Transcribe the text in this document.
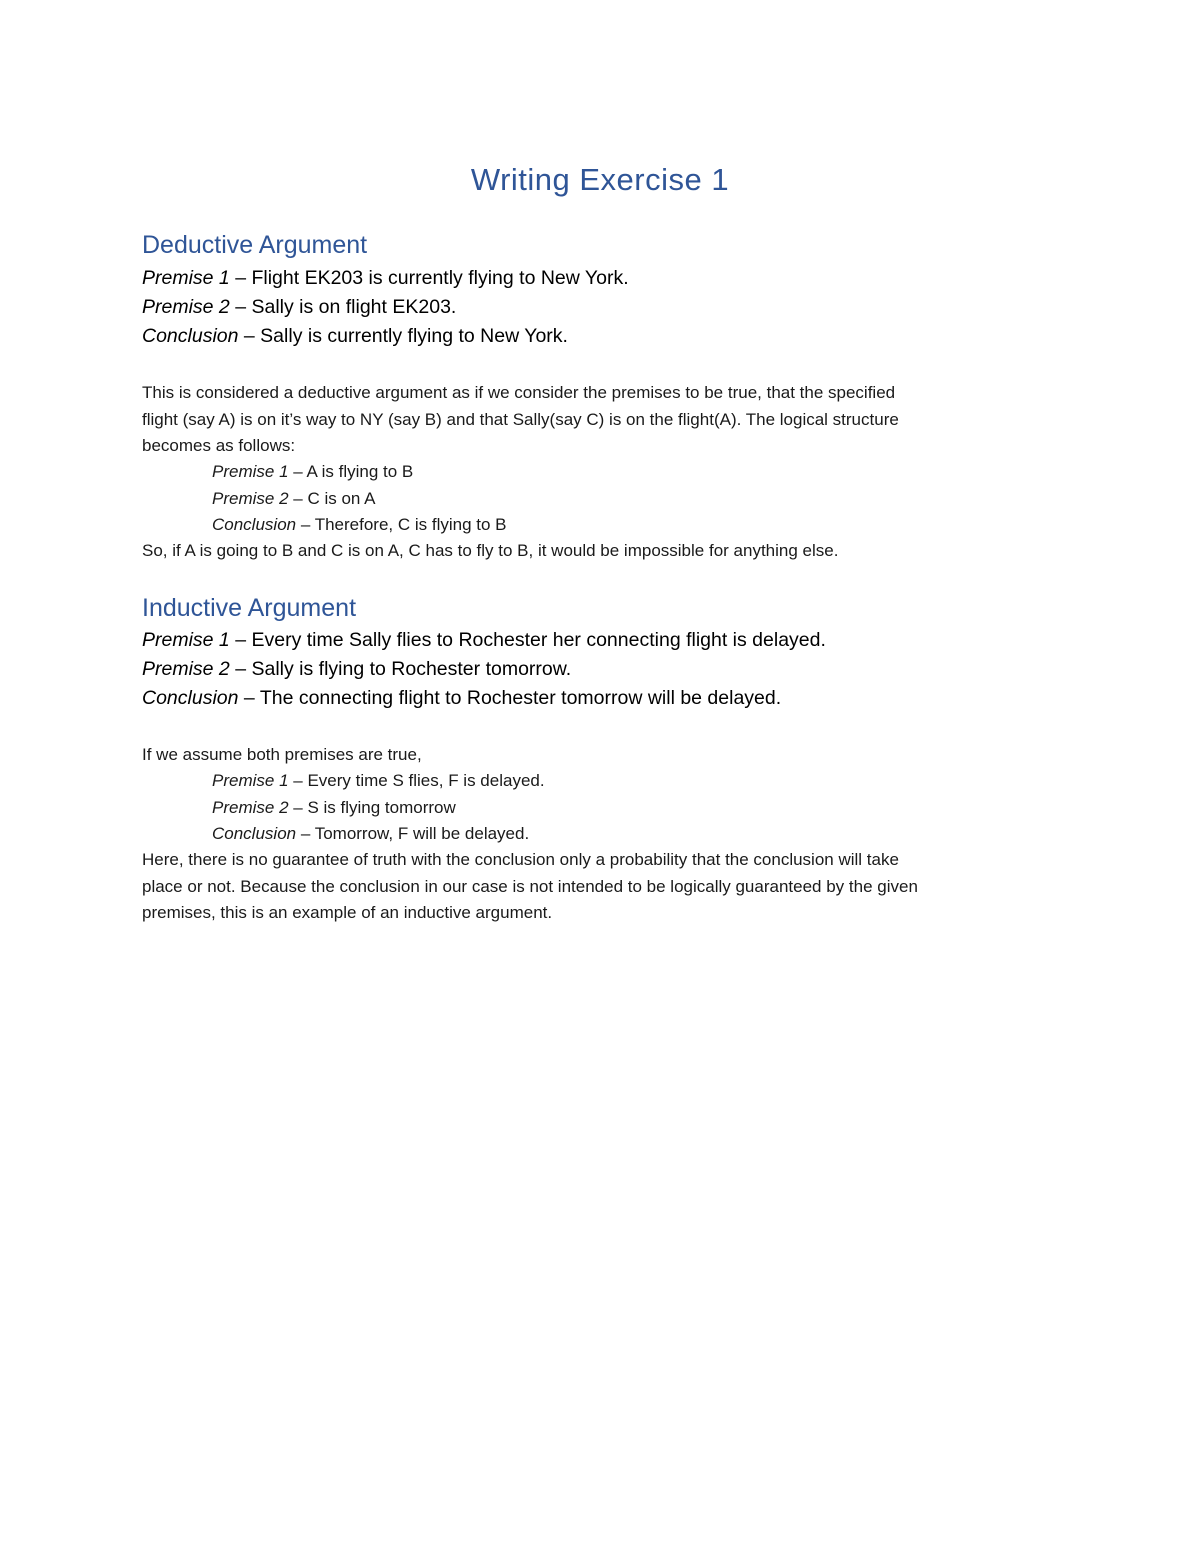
Writing Exercise 1
Deductive Argument
Premise 1 – Flight EK203 is currently flying to New York.
Premise 2 – Sally is on flight EK203.
Conclusion – Sally is currently flying to New York.
This is considered a deductive argument as if we consider the premises to be true, that the specified
flight (say A) is on it’s way to NY (say B) and that Sally(say C) is on the flight(A). The logical structure
becomes as follows:
Premise 1 – A is flying to B
Premise 2 – C is on A
Conclusion – Therefore, C is flying to B
So, if A is going to B and C is on A, C has to fly to B, it would be impossible for anything else.
Inductive Argument
Premise 1 – Every time Sally flies to Rochester her connecting flight is delayed.
Premise 2 – Sally is flying to Rochester tomorrow.
Conclusion – The connecting flight to Rochester tomorrow will be delayed.
If we assume both premises are true,
Premise 1 – Every time S flies, F is delayed.
Premise 2 – S is flying tomorrow
Conclusion – Tomorrow, F will be delayed.
Here, there is no guarantee of truth with the conclusion only a probability that the conclusion will take
place or not. Because the conclusion in our case is not intended to be logically guaranteed by the given
premises, this is an example of an inductive argument.
